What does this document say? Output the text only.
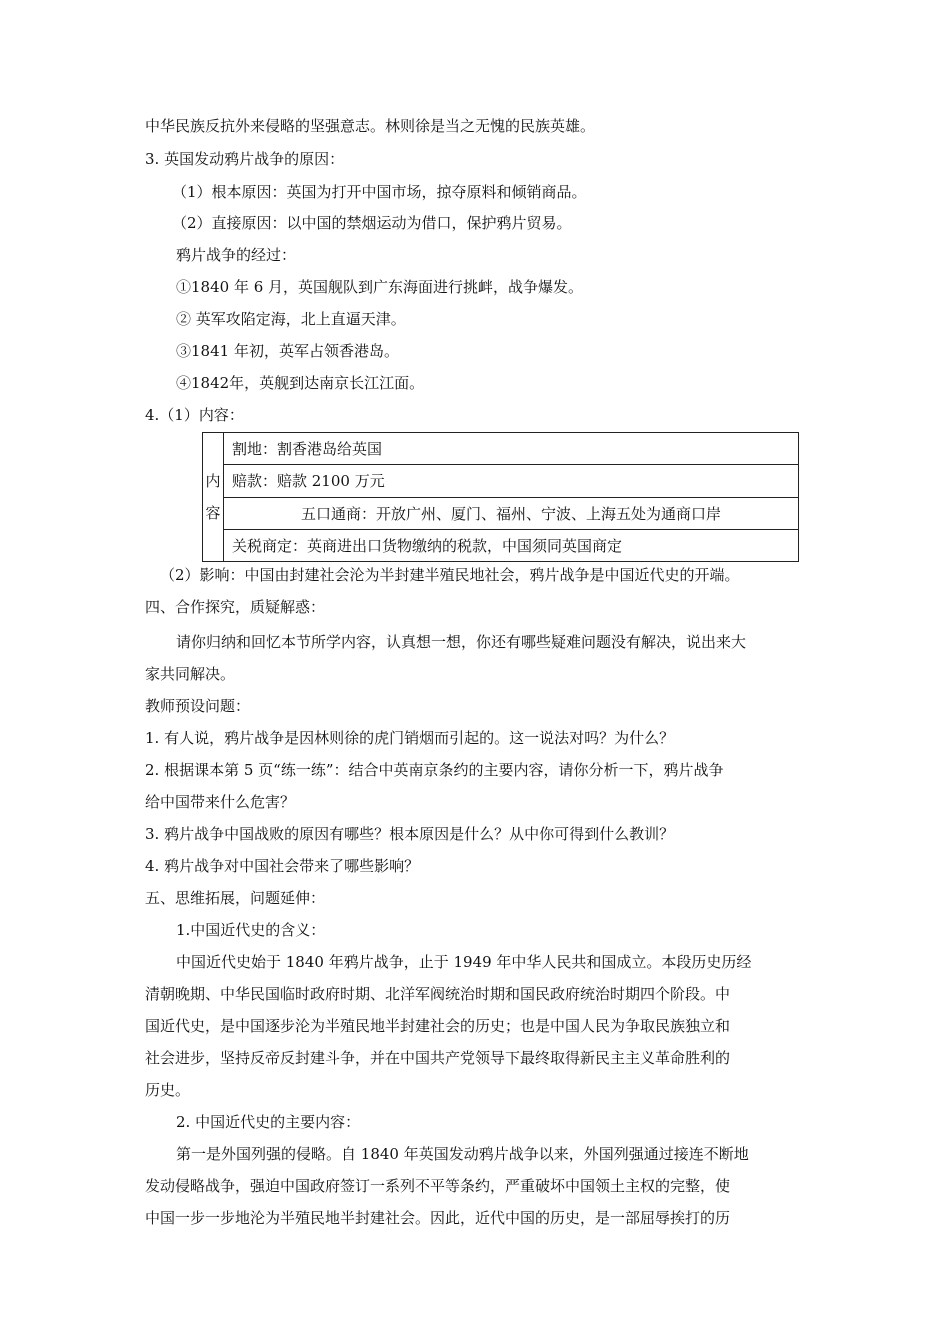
中华民族反抗外来侵略的坚强意志。林则徐是当之无愧的民族英雄。
3. 英国发动鸦片战争的原因：
（1）根本原因：英国为打开中国市场，掠夺原料和倾销商品。
（2）直接原因：以中国的禁烟运动为借口，保护鸦片贸易。
鸦片战争的经过：
①1840 年 6 月，英国舰队到广东海面进行挑衅，战争爆发。
② 英军攻陷定海，北上直逼天津。
③1841 年初，英军占领香港岛。
④1842年，英舰到达南京长江江面。
4.（1）内容：
内
容
	割地：割香港岛给英国
赔款：赔款 2100 万元
五口通商：开放广州、厦门、福州、宁波、上海五处为通商口岸
关税商定：英商进出口货物缴纳的税款，中国须同英国商定
（2）影响：中国由封建社会沦为半封建半殖民地社会，鸦片战争是中国近代史的开端。
四、合作探究，质疑解惑：
请你归纳和回忆本节所学内容，认真想一想，你还有哪些疑难问题没有解决，说出来大
家共同解决。
教师预设问题：
1. 有人说，鸦片战争是因林则徐的虎门销烟而引起的。这一说法对吗？为什么？
2. 根据课本第 5 页“练一练”：结合中英南京条约的主要内容，请你分析一下，鸦片战争
给中国带来什么危害？
3. 鸦片战争中国战败的原因有哪些？根本原因是什么？从中你可得到什么教训？
4. 鸦片战争对中国社会带来了哪些影响？
五、思维拓展，问题延伸：
1.中国近代史的含义：
中国近代史始于 1840 年鸦片战争，止于 1949 年中华人民共和国成立。本段历史历经
清朝晚期、中华民国临时政府时期、北洋军阀统治时期和国民政府统治时期四个阶段。中
国近代史，是中国逐步沦为半殖民地半封建社会的历史；也是中国人民为争取民族独立和
社会进步，坚持反帝反封建斗争，并在中国共产党领导下最终取得新民主主义革命胜利的
历史。
2. 中国近代史的主要内容：
第一是外国列强的侵略。自 1840 年英国发动鸦片战争以来，外国列强通过接连不断地
发动侵略战争，强迫中国政府签订一系列不平等条约，严重破坏中国领土主权的完整，使
中国一步一步地沦为半殖民地半封建社会。因此，近代中国的历史，是一部屈辱挨打的历
